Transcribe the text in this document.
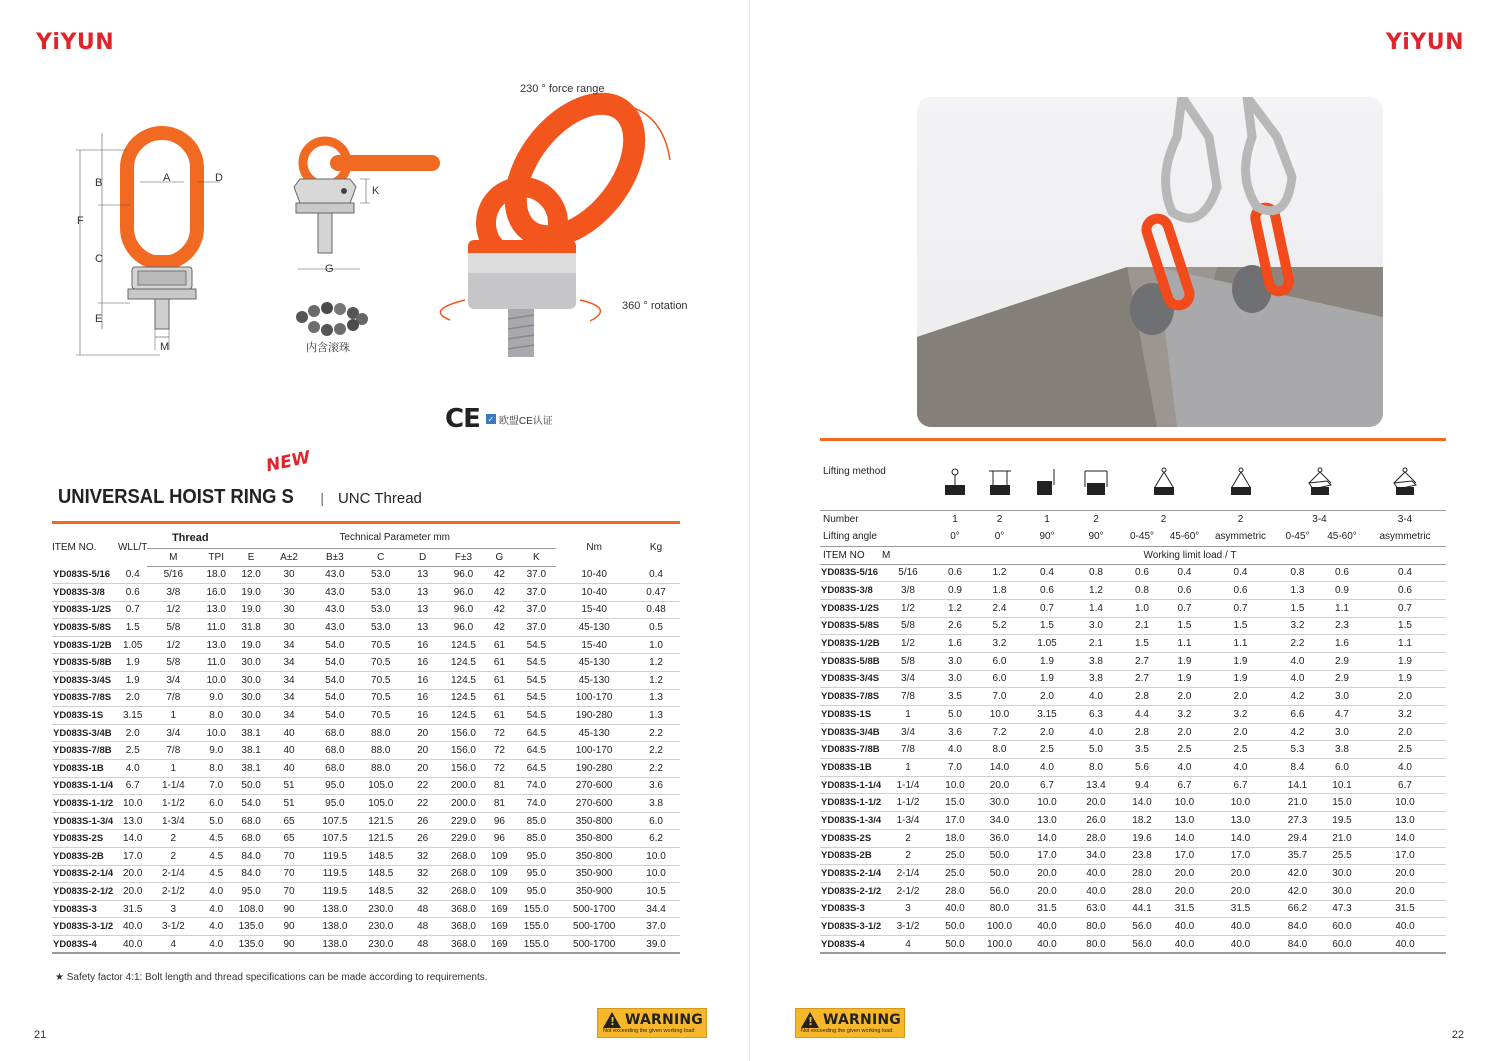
YiYUN
B
F
C
E
A	D
M
G
K
内含滚珠
230 ° force range
360 ° rotation
CE ✓ 欧盟CE认证
NEW
UNIVERSAL HOIST RING S | UNC Thread
ITEM NO.	WLL/T	Thread		Technical Parameter mm								Nm	Kg
		M	TPI	E	A±2	B±3	C	D	F±3	G	K		
YD083S-5/16	0.4	5/16	18.0	12.0	30	43.0	53.0	13	96.0	42	37.0	10-40	0.4
YD083S-3/8	0.6	3/8	16.0	19.0	30	43.0	53.0	13	96.0	42	37.0	10-40	0.47
YD083S-1/2S	0.7	1/2	13.0	19.0	30	43.0	53.0	13	96.0	42	37.0	15-40	0.48
YD083S-5/8S	1.5	5/8	11.0	31.8	30	43.0	53.0	13	96.0	42	37.0	45-130	0.5
YD083S-1/2B	1.05	1/2	13.0	19.0	34	54.0	70.5	16	124.5	61	54.5	15-40	1.0
YD083S-5/8B	1.9	5/8	11.0	30.0	34	54.0	70.5	16	124.5	61	54.5	45-130	1.2
YD083S-3/4S	1.9	3/4	10.0	30.0	34	54.0	70.5	16	124.5	61	54.5	45-130	1.2
YD083S-7/8S	2.0	7/8	9.0	30.0	34	54.0	70.5	16	124.5	61	54.5	100-170	1.3
YD083S-1S	3.15	1	8.0	30.0	34	54.0	70.5	16	124.5	61	54.5	190-280	1.3
YD083S-3/4B	2.0	3/4	10.0	38.1	40	68.0	88.0	20	156.0	72	64.5	45-130	2.2
YD083S-7/8B	2.5	7/8	9.0	38.1	40	68.0	88.0	20	156.0	72	64.5	100-170	2.2
YD083S-1B	4.0	1	8.0	38.1	40	68.0	88.0	20	156.0	72	64.5	190-280	2.2
YD083S-1-1/4	6.7	1-1/4	7.0	50.0	51	95.0	105.0	22	200.0	81	74.0	270-600	3.6
YD083S-1-1/2	10.0	1-1/2	6.0	54.0	51	95.0	105.0	22	200.0	81	74.0	270-600	3.8
YD083S-1-3/4	13.0	1-3/4	5.0	68.0	65	107.5	121.5	26	229.0	96	85.0	350-800	6.0
YD083S-2S	14.0	2	4.5	68.0	65	107.5	121.5	26	229.0	96	85.0	350-800	6.2
YD083S-2B	17.0	2	4.5	84.0	70	119.5	148.5	32	268.0	109	95.0	350-800	10.0
YD083S-2-1/4	20.0	2-1/4	4.5	84.0	70	119.5	148.5	32	268.0	109	95.0	350-900	10.0
YD083S-2-1/2	20.0	2-1/2	4.0	95.0	70	119.5	148.5	32	268.0	109	95.0	350-900	10.5
YD083S-3	31.5	3	4.0	108.0	90	138.0	230.0	48	368.0	169	155.0	500-1700	34.4
YD083S-3-1/2	40.0	3-1/2	4.0	135.0	90	138.0	230.0	48	368.0	169	155.0	500-1700	37.0
YD083S-4	40.0	4	4.0	135.0	90	138.0	230.0	48	368.0	169	155.0	500-1700	39.0
★ Safety factor 4:1: Bolt length and thread specifications can be made according to requirements.
! WARNING
Not exceeding the given working load
21
YiYUN
22
Lifting method								
Number		1	2	1	2	2		2	3-4		3-4
Lifting angle		0°	0°	90°	90°	0-45°	45-60°	asymmetric	0-45°	45-60°	asymmetric
ITEM NO	M	Working limit load / T									
YD083S-5/16	5/16	0.6	1.2	0.4	0.8	0.6	0.4	0.4	0.8	0.6	0.4
YD083S-3/8	3/8	0.9	1.8	0.6	1.2	0.8	0.6	0.6	1.3	0.9	0.6
YD083S-1/2S	1/2	1.2	2.4	0.7	1.4	1.0	0.7	0.7	1.5	1.1	0.7
YD083S-5/8S	5/8	2.6	5.2	1.5	3.0	2.1	1.5	1.5	3.2	2.3	1.5
YD083S-1/2B	1/2	1.6	3.2	1.05	2.1	1.5	1.1	1.1	2.2	1.6	1.1
YD083S-5/8B	5/8	3.0	6.0	1.9	3.8	2.7	1.9	1.9	4.0	2.9	1.9
YD083S-3/4S	3/4	3.0	6.0	1.9	3.8	2.7	1.9	1.9	4.0	2.9	1.9
YD083S-7/8S	7/8	3.5	7.0	2.0	4.0	2.8	2.0	2.0	4.2	3.0	2.0
YD083S-1S	1	5.0	10.0	3.15	6.3	4.4	3.2	3.2	6.6	4.7	3.2
YD083S-3/4B	3/4	3.6	7.2	2.0	4.0	2.8	2.0	2.0	4.2	3.0	2.0
YD083S-7/8B	7/8	4.0	8.0	2.5	5.0	3.5	2.5	2.5	5.3	3.8	2.5
YD083S-1B	1	7.0	14.0	4.0	8.0	5.6	4.0	4.0	8.4	6.0	4.0
YD083S-1-1/4	1-1/4	10.0	20.0	6.7	13.4	9.4	6.7	6.7	14.1	10.1	6.7
YD083S-1-1/2	1-1/2	15.0	30.0	10.0	20.0	14.0	10.0	10.0	21.0	15.0	10.0
YD083S-1-3/4	1-3/4	17.0	34.0	13.0	26.0	18.2	13.0	13.0	27.3	19.5	13.0
YD083S-2S	2	18.0	36.0	14.0	28.0	19.6	14.0	14.0	29.4	21.0	14.0
YD083S-2B	2	25.0	50.0	17.0	34.0	23.8	17.0	17.0	35.7	25.5	17.0
YD083S-2-1/4	2-1/4	25.0	50.0	20.0	40.0	28.0	20.0	20.0	42.0	30.0	20.0
YD083S-2-1/2	2-1/2	28.0	56.0	20.0	40.0	28.0	20.0	20.0	42.0	30.0	20.0
YD083S-3	3	40.0	80.0	31.5	63.0	44.1	31.5	31.5	66.2	47.3	31.5
YD083S-3-1/2	3-1/2	50.0	100.0	40.0	80.0	56.0	40.0	40.0	84.0	60.0	40.0
YD083S-4	4	50.0	100.0	40.0	80.0	56.0	40.0	40.0	84.0	60.0	40.0
! WARNING
Not exceeding the given working load
